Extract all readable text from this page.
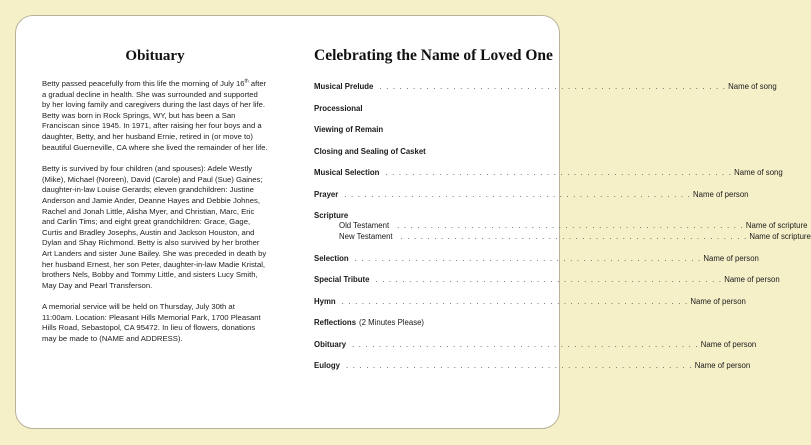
Obituary

Betty passed peacefully from this life the morning of July 16th after a gradual decline in health. She was surrounded and supported by her loving family and caregivers during the last days of her life. Betty was born in Rock Springs, WY, but has been a San Franciscan since 1945. In 1971, after raising her four boys and a daughter, Betty, and her husband Ernie, retired in (or move to) beautiful Guerneville, CA where she lived the remainder of her life.

Betty is survived by four children (and spouses): Adele Westly (Mike), Michael (Noreen), David (Carole) and Paul (Sue) Gaines; daughter-in-law Louise Gerards; eleven grandchildren: Justine Anderson and Jamie Ander, Deanne Hayes and Debbie Johnes, Rachel and Jonah Little, Alisha Myer, and Christian, Marc, Eric and Carlin Tims; and eight great grandchildren: Grace, Gage, Curtis and Bradley Josephs, Austin and Jackson Houston, and Dylan and Shay Richmond. Betty is also survived by her brother Art Landers and sister June Bailey. She was preceded in death by her husband Ernest, her son Peter, daughter-in-law Madie Kristal, brothers Nels, Bobby and Tommy Little, and sisters Lucy Smith, May Day and Pearl Transferson.

A memorial service will be held on Thursday, July 30th at 11:00am. Location: Pleasant Hills Memorial Park, 1700 Pleasant Hills Road, Sebastopol, CA 95472. In lieu of flowers, donations may be made to (NAME and ADDRESS).

Celebrating the Name of Loved One
Musical Prelude . . . . . . . . . . . . . . . . . . . . . . . . . . . . . . . . . . . . . . . . . . . . . . . . . . . . Name of song
Processional
Viewing of Remain
Closing and Sealing of Casket
Musical Selection . . . . . . . . . . . . . . . . . . . . . . . . . . . . . . . . . . . . . . . . . . . . . . . . . . . . Name of song
Prayer . . . . . . . . . . . . . . . . . . . . . . . . . . . . . . . . . . . . . . . . . . . . . . . . . . . . Name of person
Scripture
Old Testament	. . . . . . . . . . . . . . . . . . . . . . . . . . . . . . . . . . . . . . . . . . . . . . . . . . . . Name of scripture
New Testament	. . . . . . . . . . . . . . . . . . . . . . . . . . . . . . . . . . . . . . . . . . . . . . . . . . . . Name of scripture
Selection . . . . . . . . . . . . . . . . . . . . . . . . . . . . . . . . . . . . . . . . . . . . . . . . . . . . Name of person
Special Tribute . . . . . . . . . . . . . . . . . . . . . . . . . . . . . . . . . . . . . . . . . . . . . . . . . . . . Name of person
Hymn . . . . . . . . . . . . . . . . . . . . . . . . . . . . . . . . . . . . . . . . . . . . . . . . . . . . Name of person
Reflections (2 Minutes Please)
Obituary . . . . . . . . . . . . . . . . . . . . . . . . . . . . . . . . . . . . . . . . . . . . . . . . . . . . Name of person
Eulogy . . . . . . . . . . . . . . . . . . . . . . . . . . . . . . . . . . . . . . . . . . . . . . . . . . . . Name of person
